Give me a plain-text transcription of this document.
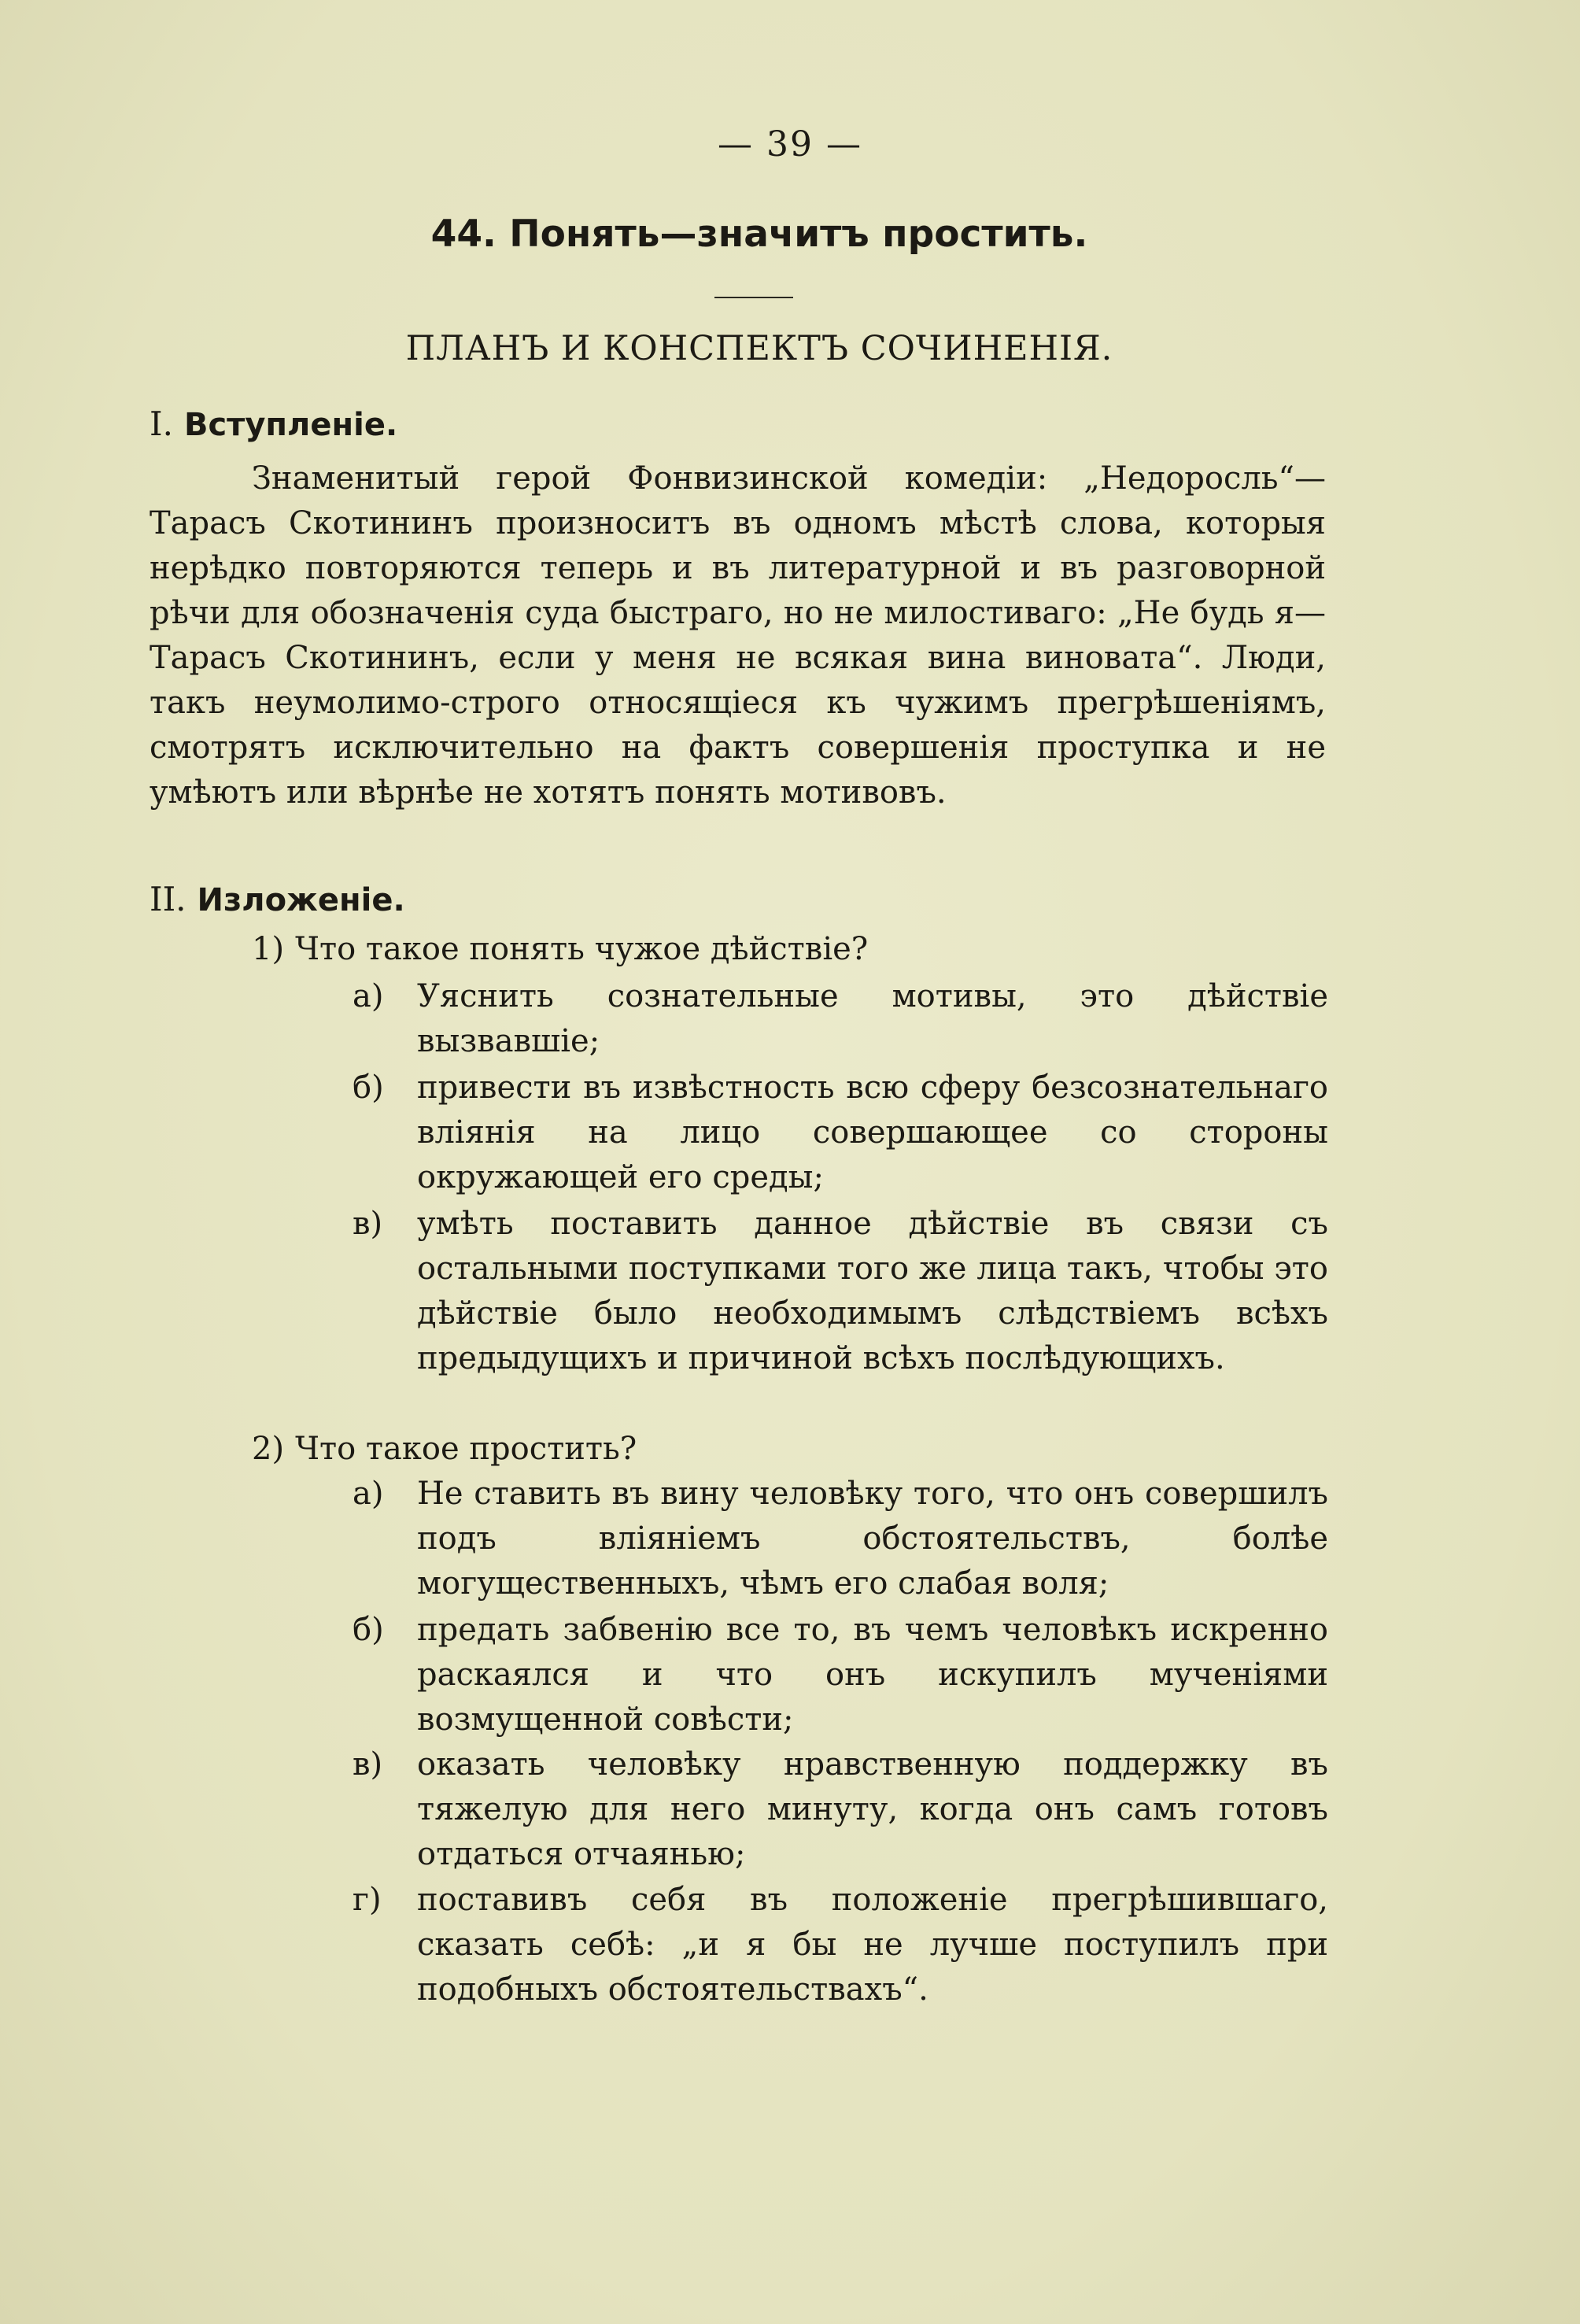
— 39 —
44. Понять—значитъ простить.
ПЛАНЪ И КОНСПЕКТЪ СОЧИНЕНІЯ.
I. Вступленіе.
Знаменитый герой Фонвизинской комедіи: „Недоросль“—Тарасъ Скотининъ произноситъ въ одномъ мѣстѣ слова, которыя нерѣдко повторяются теперь и въ литературной и въ разговорной рѣчи для обозначенія суда быстраго, но не милостиваго: „Не будь я—Тарасъ Скотининъ, если у меня не всякая вина виновата“. Люди, такъ неумолимо-строго относящіеся къ чужимъ прегрѣшеніямъ, смотрятъ исключительно на фактъ совершенія проступка и не умѣютъ или вѣрнѣе не хотятъ понять мотивовъ.
II. Изложеніе.
1) Что такое понять чужое дѣйствіе?
а) Уяснить сознательные мотивы, это дѣйствіе вызвавшіе;
б) привести въ извѣстность всю сферу безсознательнаго вліянія на лицо совершающее со стороны окружающей его среды;
в) умѣть поставить данное дѣйствіе въ связи съ остальными поступками того же лица такъ, чтобы это дѣйствіе было необходимымъ слѣдствіемъ всѣхъ предыдущихъ и причиной всѣхъ послѣдующихъ.
2) Что такое простить?
а) Не ставить въ вину человѣку того, что онъ совершилъ подъ вліяніемъ обстоятельствъ, болѣе могущественныхъ, чѣмъ его слабая воля;
б) предать забвенію все то, въ чемъ человѣкъ искренно раскаялся и что онъ искупилъ мученіями возмущенной совѣсти;
в) оказать человѣку нравственную поддержку въ тяжелую для него минуту, когда онъ самъ готовъ отдаться отчаянью;
г) поставивъ себя въ положеніе прегрѣшившаго, сказать себѣ: „и я бы не лучше поступилъ при подобныхъ обстоятельствахъ“.
